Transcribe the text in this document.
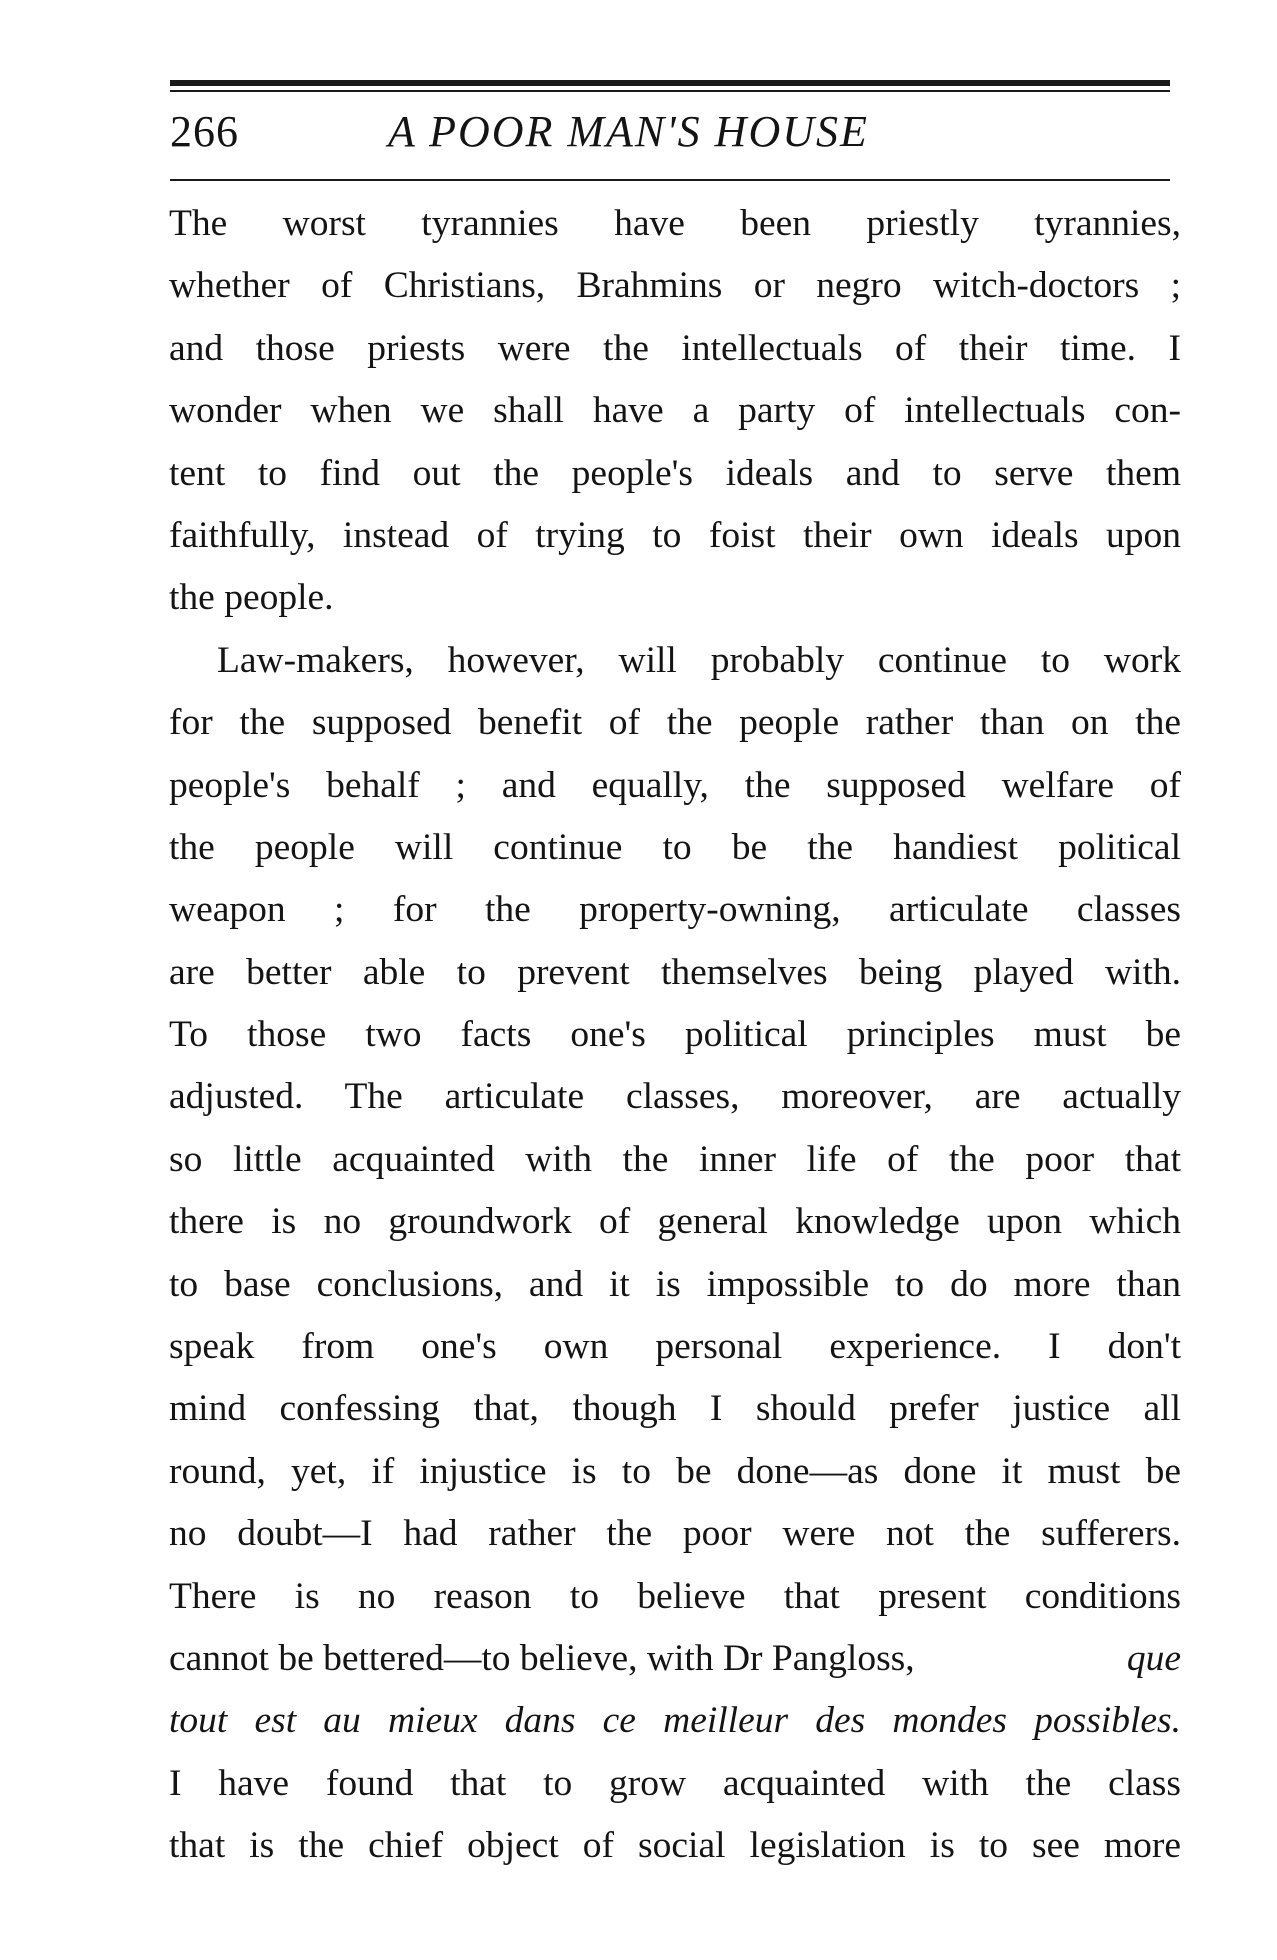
266	A POOR MAN'S HOUSE
The worst tyrannies have been priestly tyrannies,
whether of Christians, Brahmins or negro witch-doctors ;
and those priests were the intellectuals of their time. I
wonder when we shall have a party of intellectuals con-
tent to find out the people's ideals and to serve them
faithfully, instead of trying to foist their own ideals upon
the people.
Law-makers, however, will probably continue to work
for the supposed benefit of the people rather than on the
people's behalf ; and equally, the supposed welfare of
the people will continue to be the handiest political
weapon ; for the property-owning, articulate classes
are better able to prevent themselves being played with.
To those two facts one's political principles must be
adjusted. The articulate classes, moreover, are actually
so little acquainted with the inner life of the poor that
there is no groundwork of general knowledge upon which
to base conclusions, and it is impossible to do more than
speak from one's own personal experience. I don't
mind confessing that, though I should prefer justice all
round, yet, if injustice is to be done—as done it must be
no doubt—I had rather the poor were not the sufferers.
There is no reason to believe that present conditions
cannot be bettered—to believe, with Dr Pangloss,	que
tout est au mieux dans ce meilleur des mondes possibles.
I have found that to grow acquainted with the class
that is the chief object of social legislation is to see more
